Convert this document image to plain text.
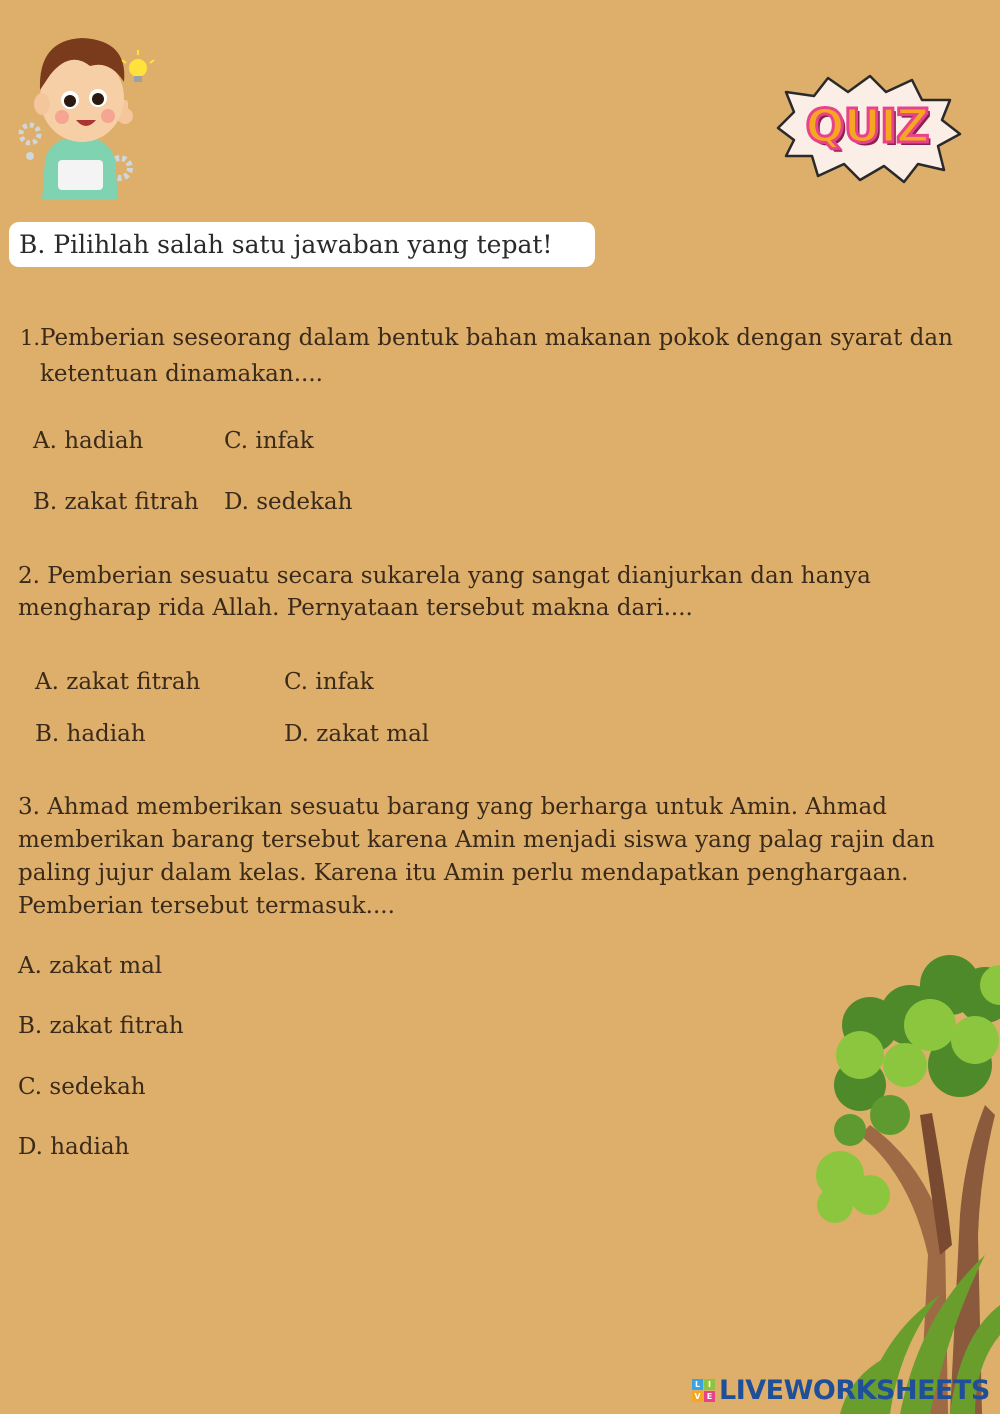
QUIZ
B. Pilihlah salah satu jawaban yang tepat!
1. Pemberian seseorang dalam bentuk bahan makanan pokok dengan syarat dan
ketentuan dinamakan....
A. hadiah	C. infak
B. zakat fitrah D. sedekah
2. Pemberian sesuatu secara sukarela yang sangat dianjurkan dan hanya
mengharap rida Allah. Pernyataan tersebut makna dari....
A. zakat fitrah	C. infak
B. hadiah	D. zakat mal
3. Ahmad memberikan sesuatu barang yang berharga untuk Amin. Ahmad
memberikan barang tersebut karena Amin menjadi siswa yang palag rajin dan
paling jujur dalam kelas. Karena itu Amin perlu mendapatkan penghargaan.
Pemberian tersebut termasuk....
A. zakat mal
B. zakat fitrah
C. sedekah
D. hadiah
L I
V E LIVEWORKSHEETS
